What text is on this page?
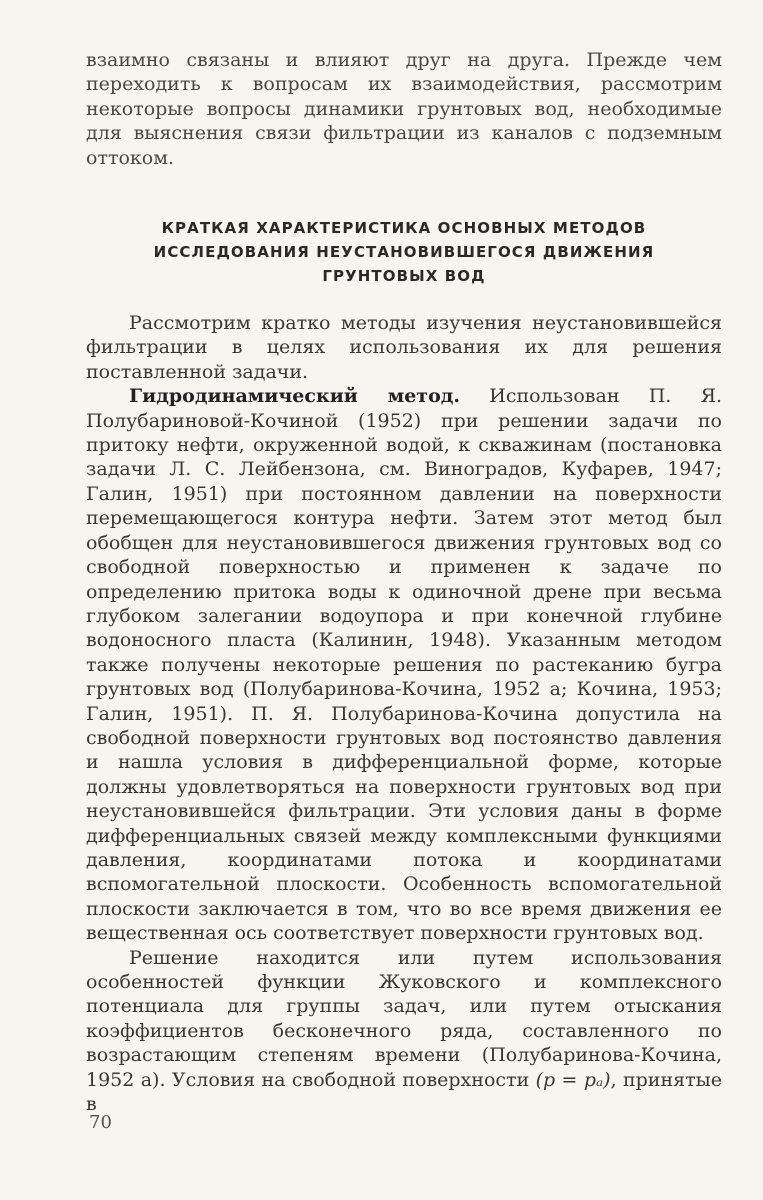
взаимно связаны и влияют друг на друга. Прежде чем переходить к вопросам их взаимодействия, рассмотрим некоторые вопросы динамики грунтовых вод, необходимые для выяснения связи фильтрации из каналов с подземным оттоком.

КРАТКАЯ ХАРАКТЕРИСТИКА ОСНОВНЫХ МЕТОДОВ
ИССЛЕДОВАНИЯ НЕУСТАНОВИВШЕГОСЯ ДВИЖЕНИЯ
ГРУНТОВЫХ ВОД

Рассмотрим кратко методы изучения неустановившейся фильтрации в целях использования их для решения поставленной задачи.

Гидродинамический метод. Использован П. Я. Полубариновой-Кочиной (1952) при решении задачи по притоку нефти, окруженной водой, к скважинам (постановка задачи Л. С. Лейбензона, см. Виноградов, Куфарев, 1947; Галин, 1951) при постоянном давлении на поверхности перемещающегося контура нефти. Затем этот метод был обобщен для неустановившегося движения грунтовых вод со свободной поверхностью и применен к задаче по определению притока воды к одиночной дрене при весьма глубоком залегании водоупора и при конечной глубине водоносного пласта (Калинин, 1948). Указанным методом также получены некоторые решения по растеканию бугра грунтовых вод (Полубаринова-Кочина, 1952 а; Кочина, 1953; Галин, 1951). П. Я. Полубаринова-Кочина допустила на свободной поверхности грунтовых вод постоянство давления и нашла условия в дифференциальной форме, которые должны удовлетворяться на поверхности грунтовых вод при неустановившейся фильтрации. Эти условия даны в форме дифференциальных связей между комплексными функциями давления, координатами потока и координатами вспомогательной плоскости. Особенность вспомогательной плоскости заключается в том, что во все время движения ее вещественная ось соответствует поверхности грунтовых вод.

Решение находится или путем использования особенностей функции Жуковского и комплексного потенциала для группы задач, или путем отыскания коэффициентов бесконечного ряда, составленного по возрастающим степеням времени (Полубаринова-Кочина, 1952 а). Условия на свободной поверхности (p = pₐ), принятые в

70
